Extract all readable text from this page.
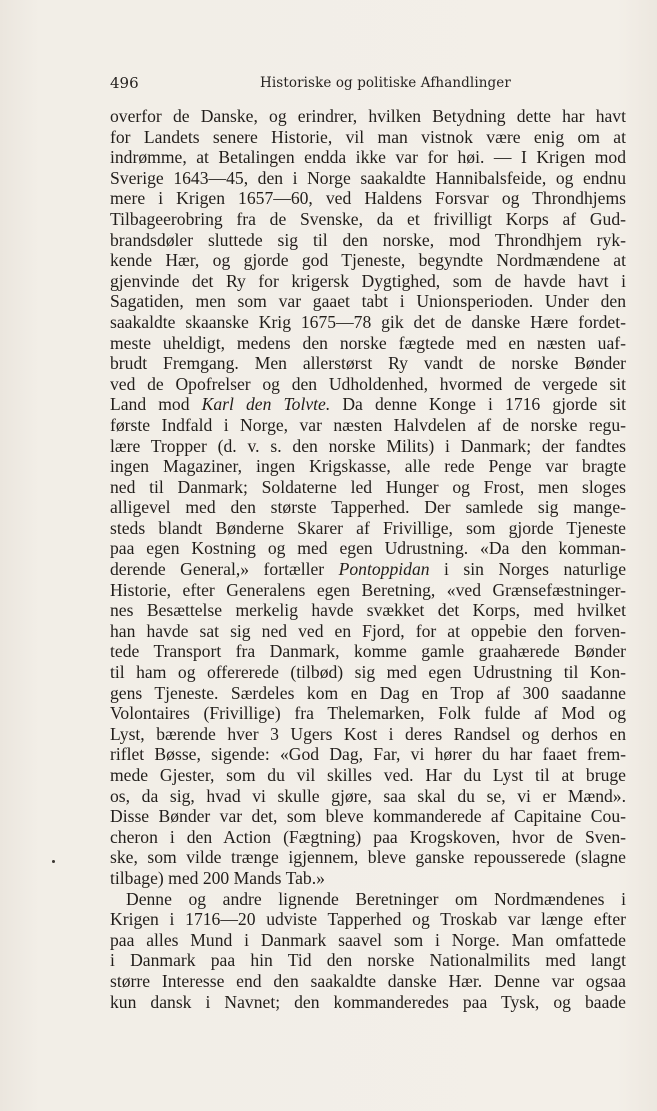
496	Historiske og politiske Afhandlinger
overfor de Danske, og erindrer, hvilken Betydning dette har havt
for Landets senere Historie, vil man vistnok være enig om at
indrømme, at Betalingen endda ikke var for høi. — I Krigen mod
Sverige 1643—45, den i Norge saakaldte Hannibalsfeide, og endnu
mere i Krigen 1657—60, ved Haldens Forsvar og Throndhjems
Tilbageerobring fra de Svenske, da et frivilligt Korps af Gud-
brandsdøler sluttede sig til den norske, mod Throndhjem ryk-
kende Hær, og gjorde god Tjeneste, begyndte Nordmændene at
gjenvinde det Ry for krigersk Dygtighed, som de havde havt i
Sagatiden, men som var gaaet tabt i Unionsperioden. Under den
saakaldte skaanske Krig 1675—78 gik det de danske Hære fordet-
meste uheldigt, medens den norske fægtede med en næsten uaf-
brudt Fremgang. Men allerstørst Ry vandt de norske Bønder
ved de Opofrelser og den Udholdenhed, hvormed de vergede sit
Land mod Karl den Tolvte. Da denne Konge i 1716 gjorde sit
første Indfald i Norge, var næsten Halvdelen af de norske regu-
lære Tropper (d. v. s. den norske Milits) i Danmark; der fandtes
ingen Magaziner, ingen Krigskasse, alle rede Penge var bragte
ned til Danmark; Soldaterne led Hunger og Frost, men sloges
alligevel med den største Tapperhed. Der samlede sig mange-
steds blandt Bønderne Skarer af Frivillige, som gjorde Tjeneste
paa egen Kostning og med egen Udrustning. «Da den komman-
derende General,» fortæller Pontoppidan i sin Norges naturlige
Historie, efter Generalens egen Beretning, «ved Grænsefæstninger-
nes Besættelse merkelig havde svækket det Korps, med hvilket
han havde sat sig ned ved en Fjord, for at oppebie den forven-
tede Transport fra Danmark, komme gamle graahærede Bønder
til ham og offererede (tilbød) sig med egen Udrustning til Kon-
gens Tjeneste. Særdeles kom en Dag en Trop af 300 saadanne
Volontaires (Frivillige) fra Thelemarken, Folk fulde af Mod og
Lyst, bærende hver 3 Ugers Kost i deres Randsel og derhos en
riflet Bøsse, sigende: «God Dag, Far, vi hører du har faaet frem-
mede Gjester, som du vil skilles ved. Har du Lyst til at bruge
os, da sig, hvad vi skulle gjøre, saa skal du se, vi er Mænd».
Disse Bønder var det, som bleve kommanderede af Capitaine Cou-
cheron i den Action (Fægtning) paa Krogskoven, hvor de Sven-
ske, som vilde trænge igjennem, bleve ganske repousserede (slagne
tilbage) med 200 Mands Tab.»
Denne og andre lignende Beretninger om Nordmændenes i
Krigen i 1716—20 udviste Tapperhed og Troskab var længe efter
paa alles Mund i Danmark saavel som i Norge. Man omfattede
i Danmark paa hin Tid den norske Nationalmilits med langt
større Interesse end den saakaldte danske Hær. Denne var ogsaa
kun dansk i Navnet; den kommanderedes paa Tysk, og baade
